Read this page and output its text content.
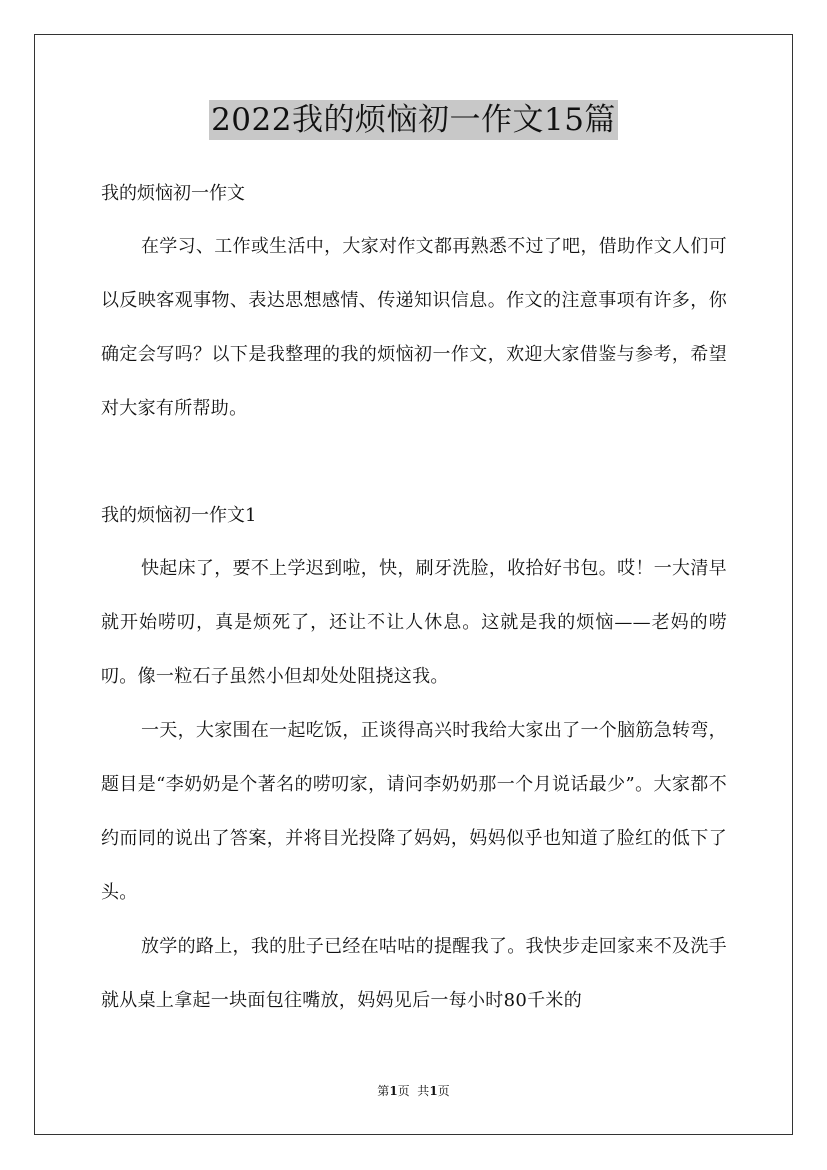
2022我的烦恼初一作文15篇

我的烦恼初一作文

在学习、工作或生活中，大家对作文都再熟悉不过了吧，借助作文人们可以反映客观事物、表达思想感情、传递知识信息。作文的注意事项有许多，你确定会写吗？以下是我整理的我的烦恼初一作文，欢迎大家借鉴与参考，希望对大家有所帮助。

我的烦恼初一作文1

快起床了，要不上学迟到啦，快，刷牙洗脸，收拾好书包。哎！一大清早就开始唠叨，真是烦死了，还让不让人休息。这就是我的烦恼——老妈的唠叨。像一粒石子虽然小但却处处阻挠这我。

一天，大家围在一起吃饭，正谈得高兴时我给大家出了一个脑筋急转弯，题目是“李奶奶是个著名的唠叨家，请问李奶奶那一个月说话最少”。大家都不约而同的说出了答案，并将目光投降了妈妈，妈妈似乎也知道了脸红的低下了头。

放学的路上，我的肚子已经在咕咕的提醒我了。我快步走回家来不及洗手就从桌上拿起一块面包往嘴放，妈妈见后一每小时80千米的

第1页  共1页
